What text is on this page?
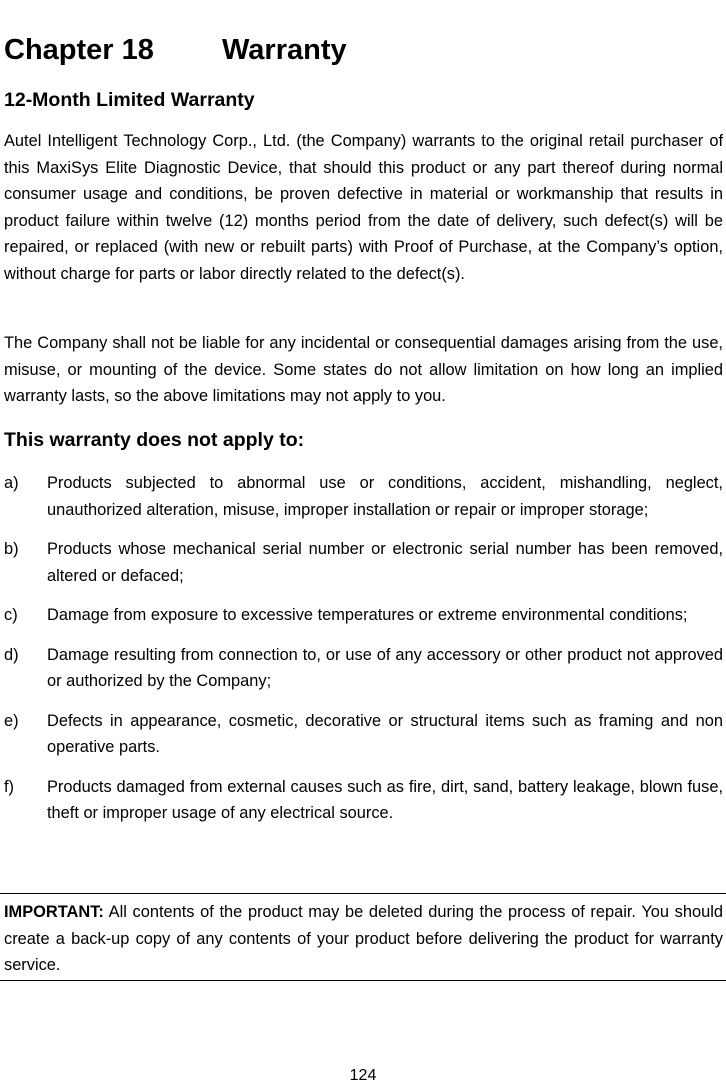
Chapter 18 Warranty
12-Month Limited Warranty

Autel Intelligent Technology Corp., Ltd. (the Company) warrants to the original retail purchaser of this MaxiSys Elite Diagnostic Device, that should this product or any part thereof during normal consumer usage and conditions, be proven defective in material or workmanship that results in product failure within twelve (12) months period from the date of delivery, such defect(s) will be repaired, or replaced (with new or rebuilt parts) with Proof of Purchase, at the Company’s option, without charge for parts or labor directly related to the defect(s).

The Company shall not be liable for any incidental or consequential damages arising from the use, misuse, or mounting of the device. Some states do not allow limitation on how long an implied warranty lasts, so the above limitations may not apply to you.

This warranty does not apply to:
a) Products subjected to abnormal use or conditions, accident, mishandling, neglect, unauthorized alteration, misuse, improper installation or repair or improper storage;
b) Products whose mechanical serial number or electronic serial number has been removed, altered or defaced;
c) Damage from exposure to excessive temperatures or extreme environmental conditions;
d) Damage resulting from connection to, or use of any accessory or other product not approved or authorized by the Company;
e) Defects in appearance, cosmetic, decorative or structural items such as framing and non operative parts.
f) Products damaged from external causes such as fire, dirt, sand, battery leakage, blown fuse, theft or improper usage of any electrical source.

IMPORTANT: All contents of the product may be deleted during the process of repair. You should create a back-up copy of any contents of your product before delivering the product for warranty service.

124
